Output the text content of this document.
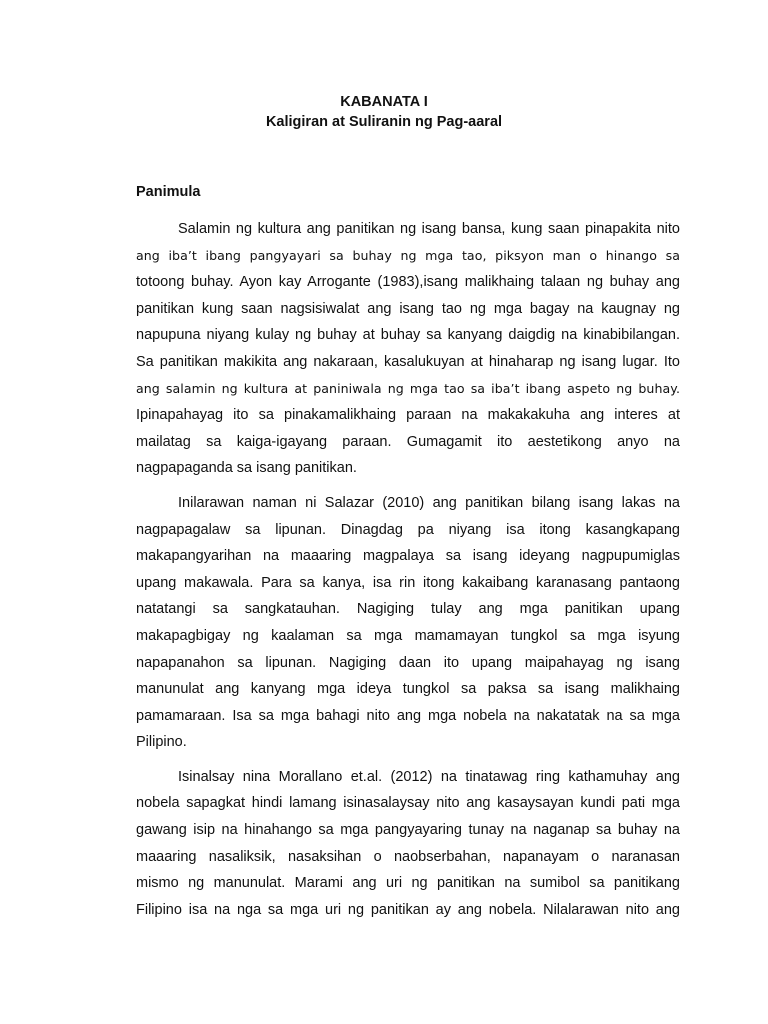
KABANATA I
Kaligiran at Suliranin ng Pag-aaral
Panimula
Salamin ng kultura ang panitikan ng isang bansa, kung saan pinapakita nito
ang iba’t ibang pangyayari sa buhay ng mga tao, piksyon man o hinango sa
totoong buhay. Ayon kay Arrogante (1983),isang malikhaing talaan ng buhay ang
panitikan kung saan nagsisiwalat ang isang tao ng mga bagay na kaugnay ng
napupuna niyang kulay ng buhay at buhay sa kanyang daigdig na kinabibilangan.
Sa panitikan makikita ang nakaraan, kasalukuyan at hinaharap ng isang lugar. Ito
ang salamin ng kultura at paniniwala ng mga tao sa iba’t ibang aspeto ng buhay.
Ipinapahayag ito sa pinakamalikhaing paraan na makakakuha ang interes at
mailatag sa kaiga-igayang paraan. Gumagamit ito aestetikong anyo na
nagpapaganda sa isang panitikan.
Inilarawan naman ni Salazar (2010) ang panitikan bilang isang lakas na
nagpapagalaw sa lipunan. Dinagdag pa niyang isa itong kasangkapang
makapangyarihan na maaaring magpalaya sa isang ideyang nagpupumiglas
upang makawala. Para sa kanya, isa rin itong kakaibang karanasang pantaong
natatangi sa sangkatauhan. Nagiging tulay ang mga panitikan upang
makapagbigay ng kaalaman sa mga mamamayan tungkol sa mga isyung
napapanahon sa lipunan. Nagiging daan ito upang maipahayag ng isang
manunulat ang kanyang mga ideya tungkol sa paksa sa isang malikhaing
pamamaraan. Isa sa mga bahagi nito ang mga nobela na nakatatak na sa mga
Pilipino.
Isinalsay nina Morallano et.al. (2012) na tinatawag ring kathamuhay ang
nobela sapagkat hindi lamang isinasalaysay nito ang kasaysayan kundi pati mga
gawang isip na hinahango sa mga pangyayaring tunay na naganap sa buhay na
maaaring nasaliksik, nasaksihan o naobserbahan, napanayam o naranasan
mismo ng manunulat. Marami ang uri ng panitikan na sumibol sa panitikang
Filipino isa na nga sa mga uri ng panitikan ay ang nobela. Nilalarawan nito ang
